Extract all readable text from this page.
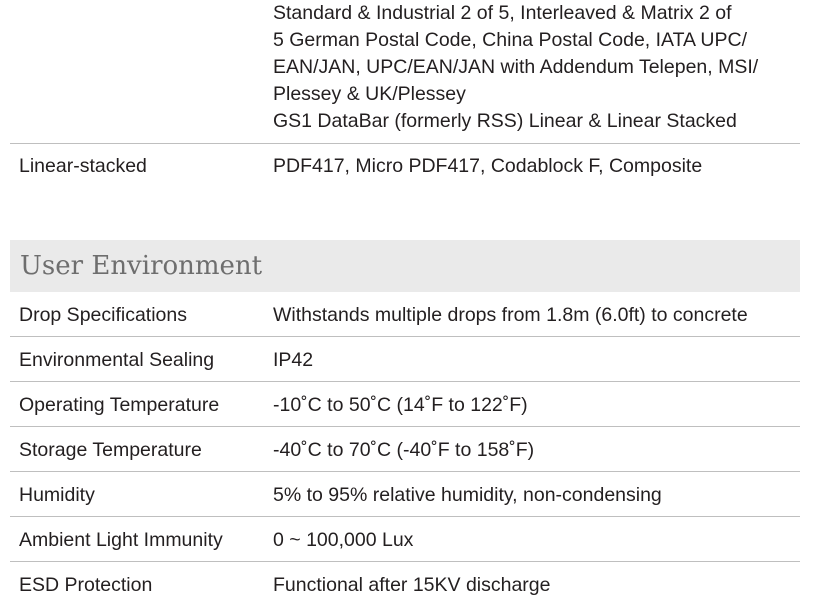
Standard & Industrial 2 of 5, Interleaved & Matrix 2 of
5 German Postal Code, China Postal Code, IATA UPC/
EAN/JAN, UPC/EAN/JAN with Addendum Telepen, MSI/
Plessey & UK/Plessey
GS1 DataBar (formerly RSS) Linear & Linear Stacked
Linear-stacked	PDF417, Micro PDF417, Codablock F, Composite
User Environment
Drop Specifications	Withstands multiple drops from 1.8m (6.0ft) to concrete
Environmental Sealing	IP42
Operating Temperature	-10˚C to 50˚C (14˚F to 122˚F)
Storage Temperature	-40˚C to 70˚C (-40˚F to 158˚F)
Humidity	5% to 95% relative humidity, non-condensing
Ambient Light Immunity	0 ~ 100,000 Lux
ESD Protection	Functional after 15KV discharge
